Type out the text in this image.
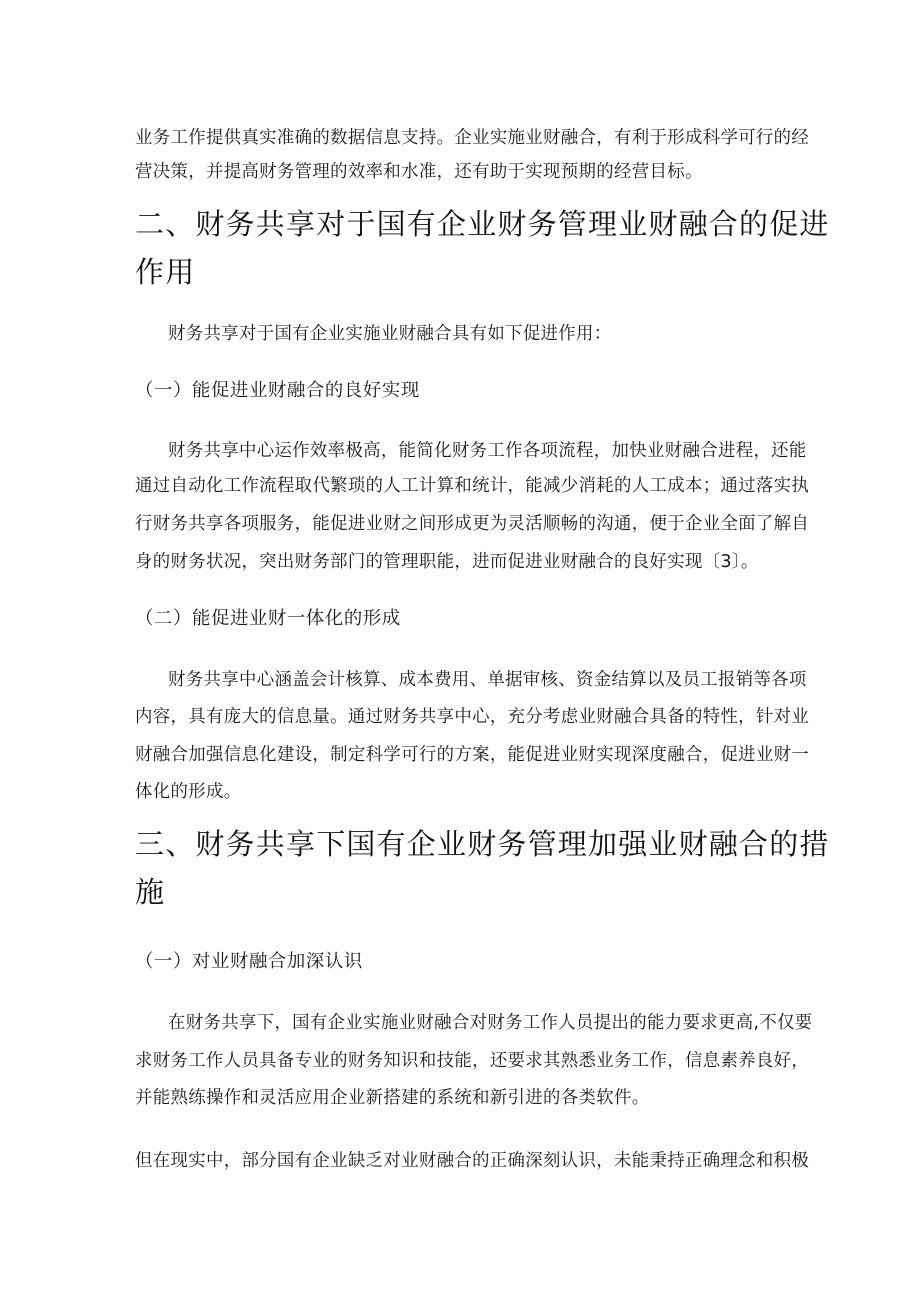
业务工作提供真实准确的数据信息支持。企业实施业财融合，有利于形成科学可行的经
营决策，并提高财务管理的效率和水准，还有助于实现预期的经营目标。
二、财务共享对于国有企业财务管理业财融合的促进
作用
财务共享对于国有企业实施业财融合具有如下促进作用：
（一）能促进业财融合的良好实现
财务共享中心运作效率极高，能简化财务工作各项流程，加快业财融合进程，还能
通过自动化工作流程取代繁琐的人工计算和统计，能减少消耗的人工成本；通过落实执
行财务共享各项服务，能促进业财之间形成更为灵活顺畅的沟通，便于企业全面了解自
身的财务状况，突出财务部门的管理职能，进而促进业财融合的良好实现〔3〕。
（二）能促进业财一体化的形成
财务共享中心涵盖会计核算、成本费用、单据审核、资金结算以及员工报销等各项
内容，具有庞大的信息量。通过财务共享中心，充分考虑业财融合具备的特性，针对业
财融合加强信息化建设，制定科学可行的方案，能促进业财实现深度融合，促进业财一
体化的形成。
三、财务共享下国有企业财务管理加强业财融合的措
施
（一）对业财融合加深认识
在财务共享下，国有企业实施业财融合对财务工作人员提出的能力要求更高,不仅要
求财务工作人员具备专业的财务知识和技能，还要求其熟悉业务工作，信息素养良好，
并能熟练操作和灵活应用企业新搭建的系统和新引进的各类软件。
但在现实中，部分国有企业缺乏对业财融合的正确深刻认识，未能秉持正确理念和积极
